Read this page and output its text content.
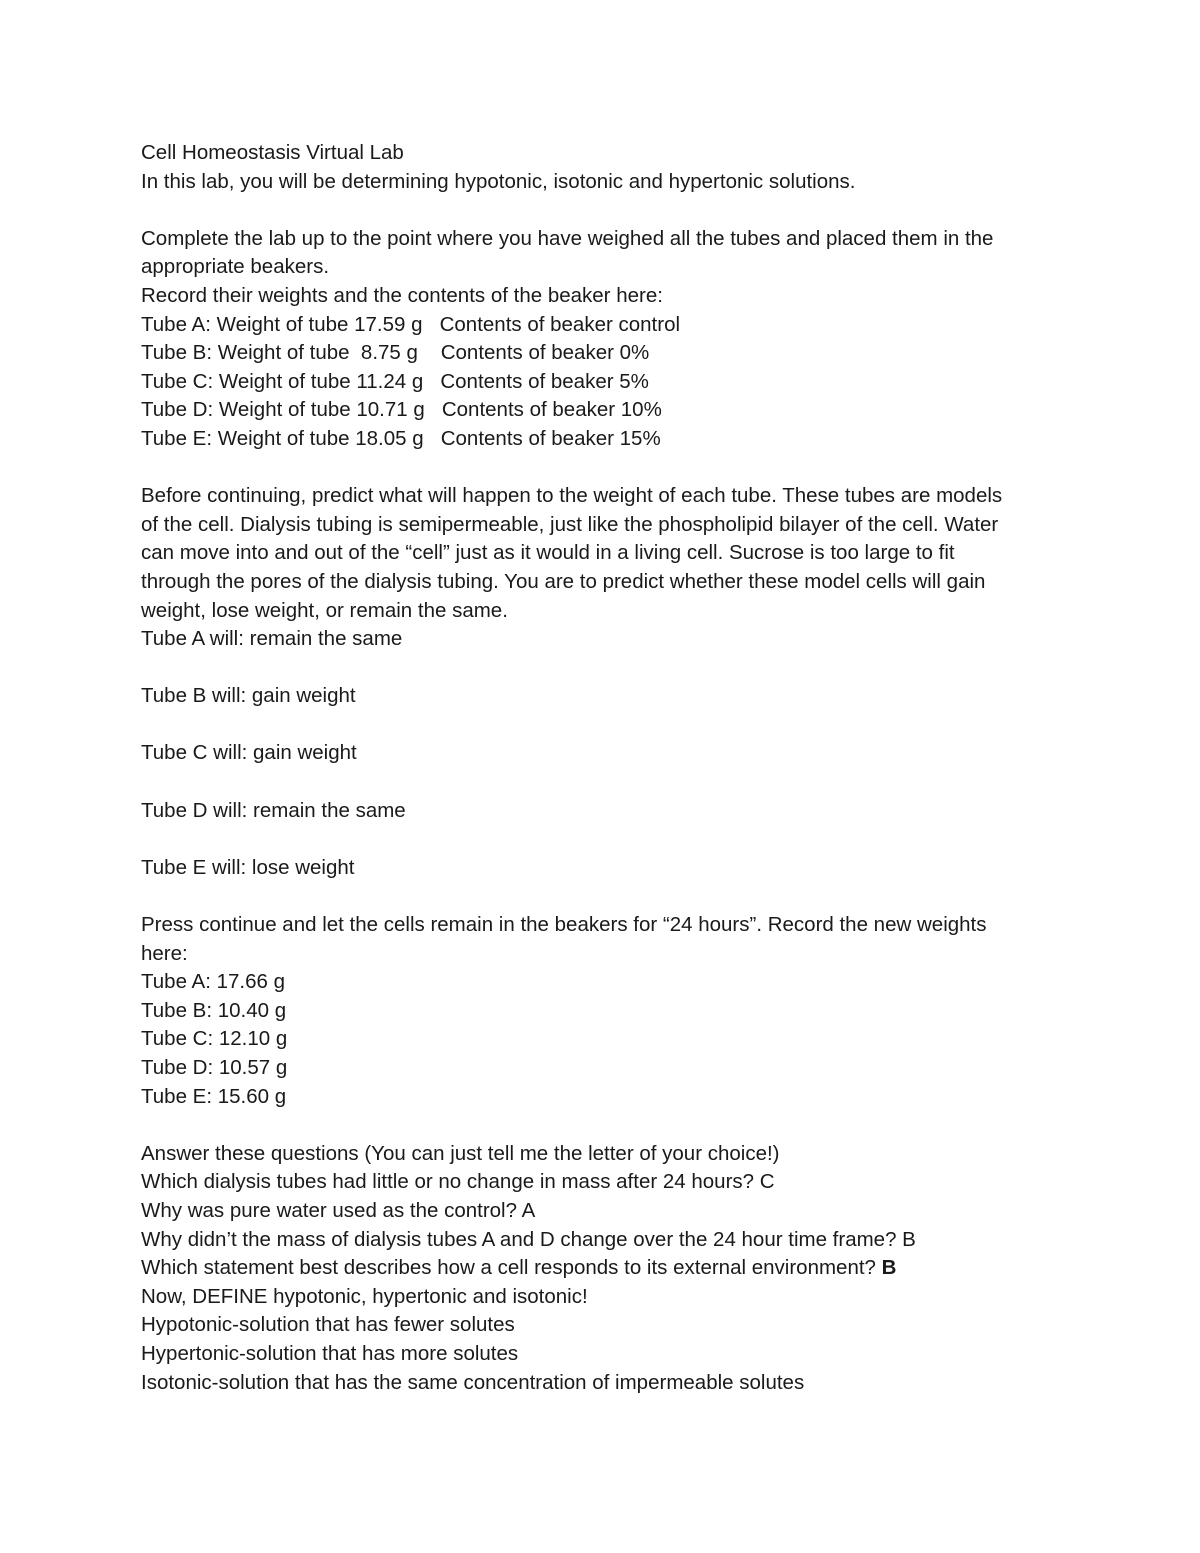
Cell Homeostasis Virtual Lab
In this lab, you will be determining hypotonic, isotonic and hypertonic solutions.
Complete the lab up to the point where you have weighed all the tubes and placed them in the
appropriate beakers.
Record their weights and the contents of the beaker here:
Tube A: Weight of tube 17.59 g   Contents of beaker control
Tube B: Weight of tube  8.75 g    Contents of beaker 0%
Tube C: Weight of tube 11.24 g   Contents of beaker 5%
Tube D: Weight of tube 10.71 g   Contents of beaker 10%
Tube E: Weight of tube 18.05 g   Contents of beaker 15%
Before continuing, predict what will happen to the weight of each tube. These tubes are models
of the cell. Dialysis tubing is semipermeable, just like the phospholipid bilayer of the cell. Water
can move into and out of the “cell” just as it would in a living cell. Sucrose is too large to fit
through the pores of the dialysis tubing. You are to predict whether these model cells will gain
weight, lose weight, or remain the same.
Tube A will: remain the same
Tube B will: gain weight
Tube C will: gain weight
Tube D will: remain the same
Tube E will: lose weight
Press continue and let the cells remain in the beakers for “24 hours”. Record the new weights
here:
Tube A: 17.66 g
Tube B: 10.40 g
Tube C: 12.10 g
Tube D: 10.57 g
Tube E: 15.60 g
Answer these questions (You can just tell me the letter of your choice!)
Which dialysis tubes had little or no change in mass after 24 hours? C
Why was pure water used as the control? A
Why didn’t the mass of dialysis tubes A and D change over the 24 hour time frame? B
Which statement best describes how a cell responds to its external environment? B
Now, DEFINE hypotonic, hypertonic and isotonic!
Hypotonic-solution that has fewer solutes
Hypertonic-solution that has more solutes
Isotonic-solution that has the same concentration of impermeable solutes
